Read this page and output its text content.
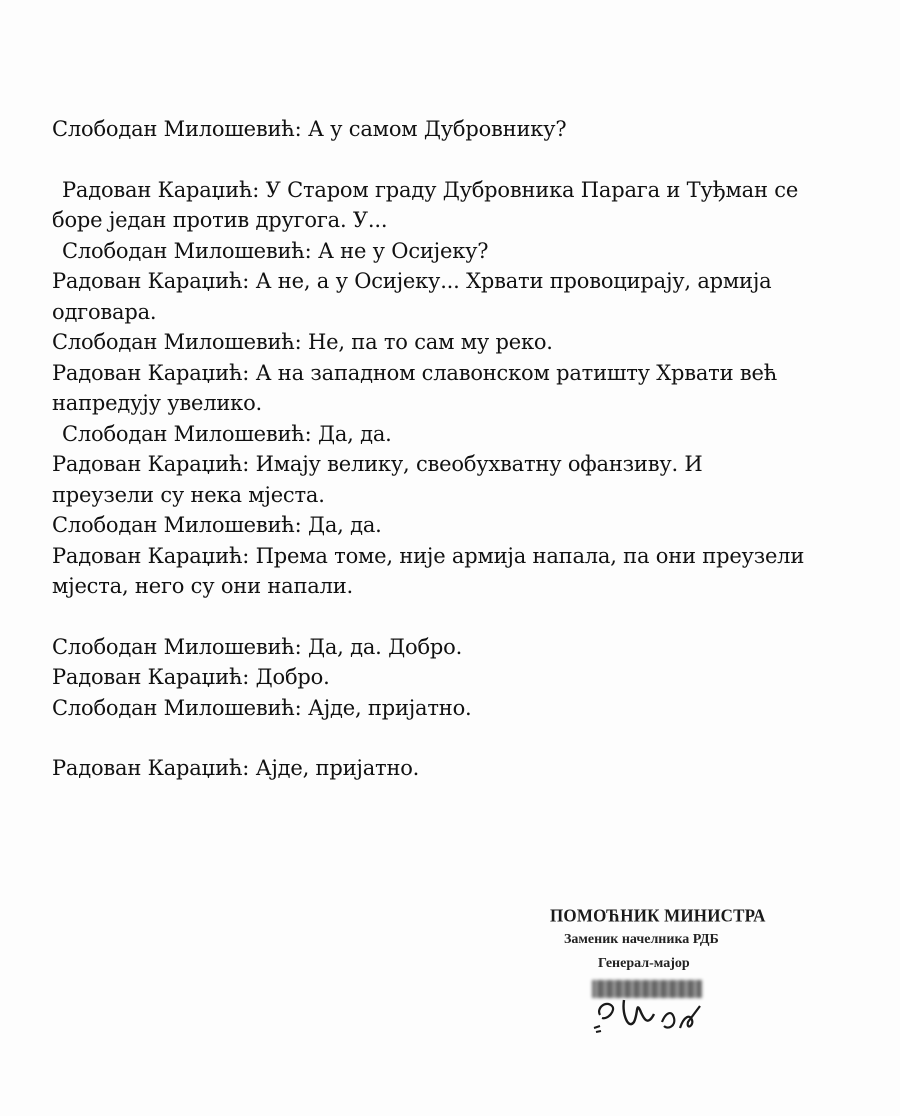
Слободан Милошевић: А у самом Дубровнику?
Радован Караџић: У Старом граду Дубровника Парага и Туђман се
боре један против другога. У...
Слободан Милошевић: А не у Осијеку?
Радован Караџић: А не, а у Осијеку... Хрвати провоцирају, армија
одговара.
Слободан Милошевић: Не, па то сам му реко.
Радован Караџић: А на западном славонском ратишту Хрвати већ
напредују увелико.
Слободан Милошевић: Да, да.
Радован Караџић: Имају велику, свеобухватну офанзиву. И
преузели су нека мјеста.
Слободан Милошевић: Да, да.
Радован Караџић: Према томе, није армија напала, па они преузели
мјеста, него су они напали.
Слободан Милошевић: Да, да. Добро.
Радован Караџић: Добро.
Слободан Милошевић: Ајде, пријатно.
Радован Караџић: Ајде, пријатно.
ПОМОЋНИК МИНИСТРА
Заменик начелника РДБ
Генерал-мајор
